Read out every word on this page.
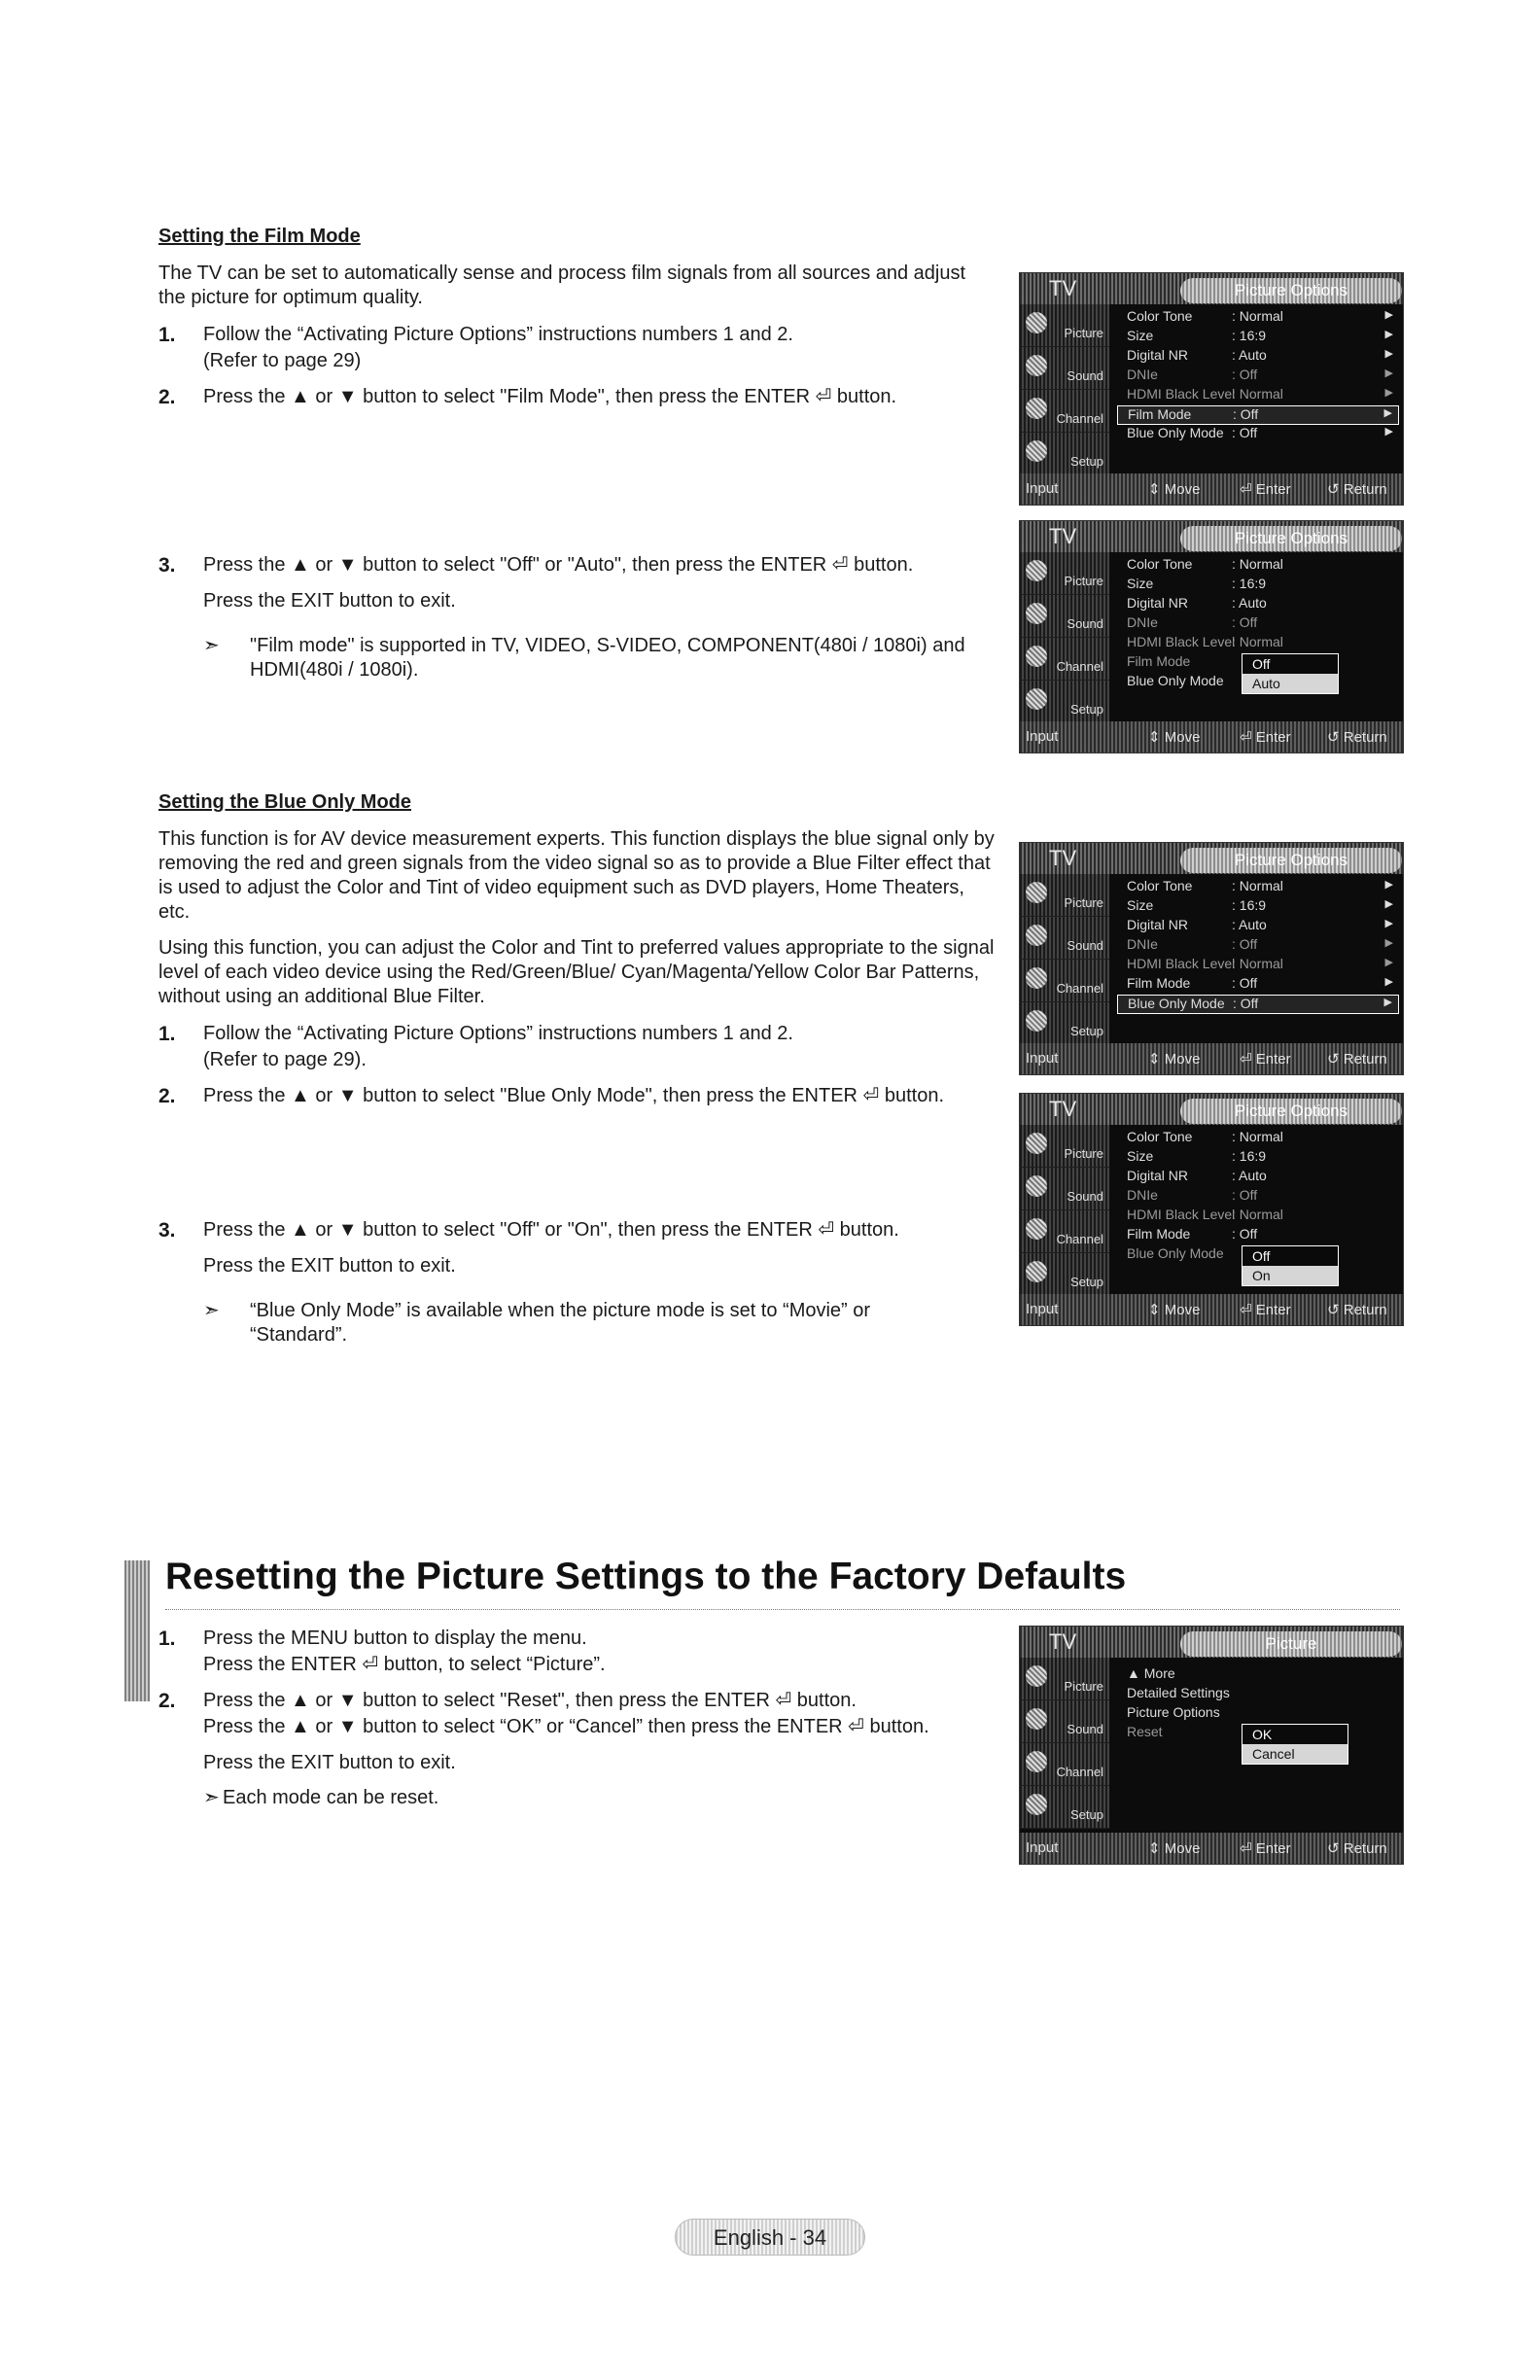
Setting the Film Mode
The TV can be set to automatically sense and process film signals from all sources and adjust the picture for optimum quality.
1. Follow the “Activating Picture Options” instructions numbers 1 and 2.
(Refer to page 29)
2. Press the ▲ or ▼ button to select "Film Mode", then press the ENTER ⏎ button.
3. Press the ▲ or ▼ button to select "Off" or "Auto", then press the ENTER ⏎ button.
Press the EXIT button to exit.
➣ "Film mode" is supported in TV, VIDEO, S-VIDEO, COMPONENT(480i / 1080i) and HDMI(480i / 1080i).
Setting the Blue Only Mode
This function is for AV device measurement experts. This function displays the blue signal only by removing the red and green signals from the video signal so as to provide a Blue Filter effect that is used to adjust the Color and Tint of video equipment such as DVD players, Home Theaters, etc.
Using this function, you can adjust the Color and Tint to preferred values appropriate to the signal level of each video device using the Red/Green/Blue/ Cyan/Magenta/Yellow Color Bar Patterns, without using an additional Blue Filter.
1. Follow the “Activating Picture Options” instructions numbers 1 and 2.
(Refer to page 29).
2. Press the ▲ or ▼ button to select "Blue Only Mode", then press the ENTER ⏎ button.
3. Press the ▲ or ▼ button to select "Off" or "On", then press the ENTER ⏎ button.
Press the EXIT button to exit.
➣ “Blue Only Mode” is available when the picture mode is set to “Movie” or “Standard”.
Resetting the Picture Settings to the Factory Defaults
1. Press the MENU button to display the menu.
Press the ENTER ⏎ button, to select “Picture”.
2. Press the ▲ or ▼ button to select "Reset", then press the ENTER ⏎ button.
Press the ▲ or ▼ button to select “OK” or “Cancel” then press the ENTER ⏎ button.
Press the EXIT button to exit.
➣ Each mode can be reset.
TV	Picture Options
Picture
Sound
Channel
Setup
Color Tone	: Normal	▶
Size	: 16:9	▶
Digital NR	: Auto	▶
DNIe	: Off	▶
HDMI Black Level
: Normal	▶
Film Mode	: Off	▶
Blue Only Mode : Off	▶
Input	⇕ Move	⏎ Enter ↺ Return
TV	Picture Options
Picture
Sound
Channel
Setup
Color Tone	: Normal
Size	: 16:9
Digital NR	: Auto
DNIe	: Off
HDMI Black Level
: Normal
Film Mode
Blue Only Mode
Off
Auto
Input	⇕ Move	⏎ Enter ↺ Return
TV	Picture Options
Picture
Sound
Channel
Setup
Color Tone	: Normal	▶
Size	: 16:9	▶
Digital NR	: Auto	▶
DNIe	: Off	▶
HDMI Black Level
: Normal	▶
Film Mode	: Off	▶
Blue Only Mode : Off	▶
Input	⇕ Move	⏎ Enter ↺ Return
TV	Picture Options
Picture
Sound
Channel
Setup
Color Tone	: Normal
Size	: 16:9
Digital NR	: Auto
DNIe	: Off
HDMI Black Level
: Normal
Film Mode	: Off
Blue Only Mode	Off
On
Input	⇕ Move	⏎ Enter ↺ Return
TV	Picture
Picture
Sound
Channel
Setup
▲ More
Detailed Settings
Picture Options
Reset	OK
Cancel
Input	⇕ Move	⏎ Enter ↺ Return
English - 34
